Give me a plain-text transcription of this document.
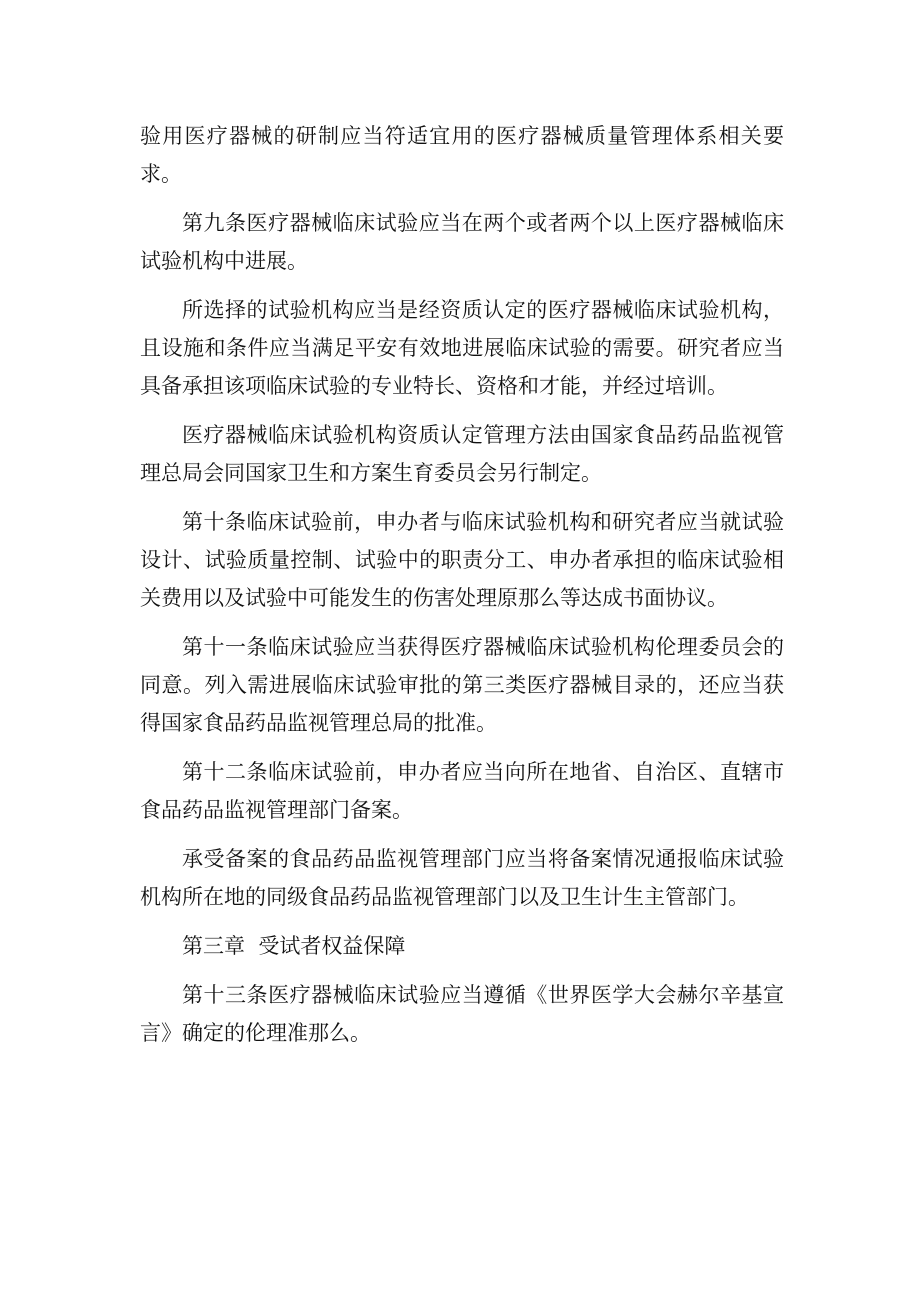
验用医疗器械的研制应当符适宜用的医疗器械质量管理体系相关要求。

第九条医疗器械临床试验应当在两个或者两个以上医疗器械临床试验机构中进展。

所选择的试验机构应当是经资质认定的医疗器械临床试验机构，且设施和条件应当满足平安有效地进展临床试验的需要。研究者应当具备承担该项临床试验的专业特长、资格和才能，并经过培训。

医疗器械临床试验机构资质认定管理方法由国家食品药品监视管理总局会同国家卫生和方案生育委员会另行制定。

第十条临床试验前，申办者与临床试验机构和研究者应当就试验设计、试验质量控制、试验中的职责分工、申办者承担的临床试验相关费用以及试验中可能发生的伤害处理原那么等达成书面协议。

第十一条临床试验应当获得医疗器械临床试验机构伦理委员会的同意。列入需进展临床试验审批的第三类医疗器械目录的，还应当获得国家食品药品监视管理总局的批准。

第十二条临床试验前，申办者应当向所在地省、自治区、直辖市食品药品监视管理部门备案。

承受备案的食品药品监视管理部门应当将备案情况通报临床试验机构所在地的同级食品药品监视管理部门以及卫生计生主管部门。

第三章  受试者权益保障

第十三条医疗器械临床试验应当遵循《世界医学大会赫尔辛基宣言》确定的伦理准那么。
